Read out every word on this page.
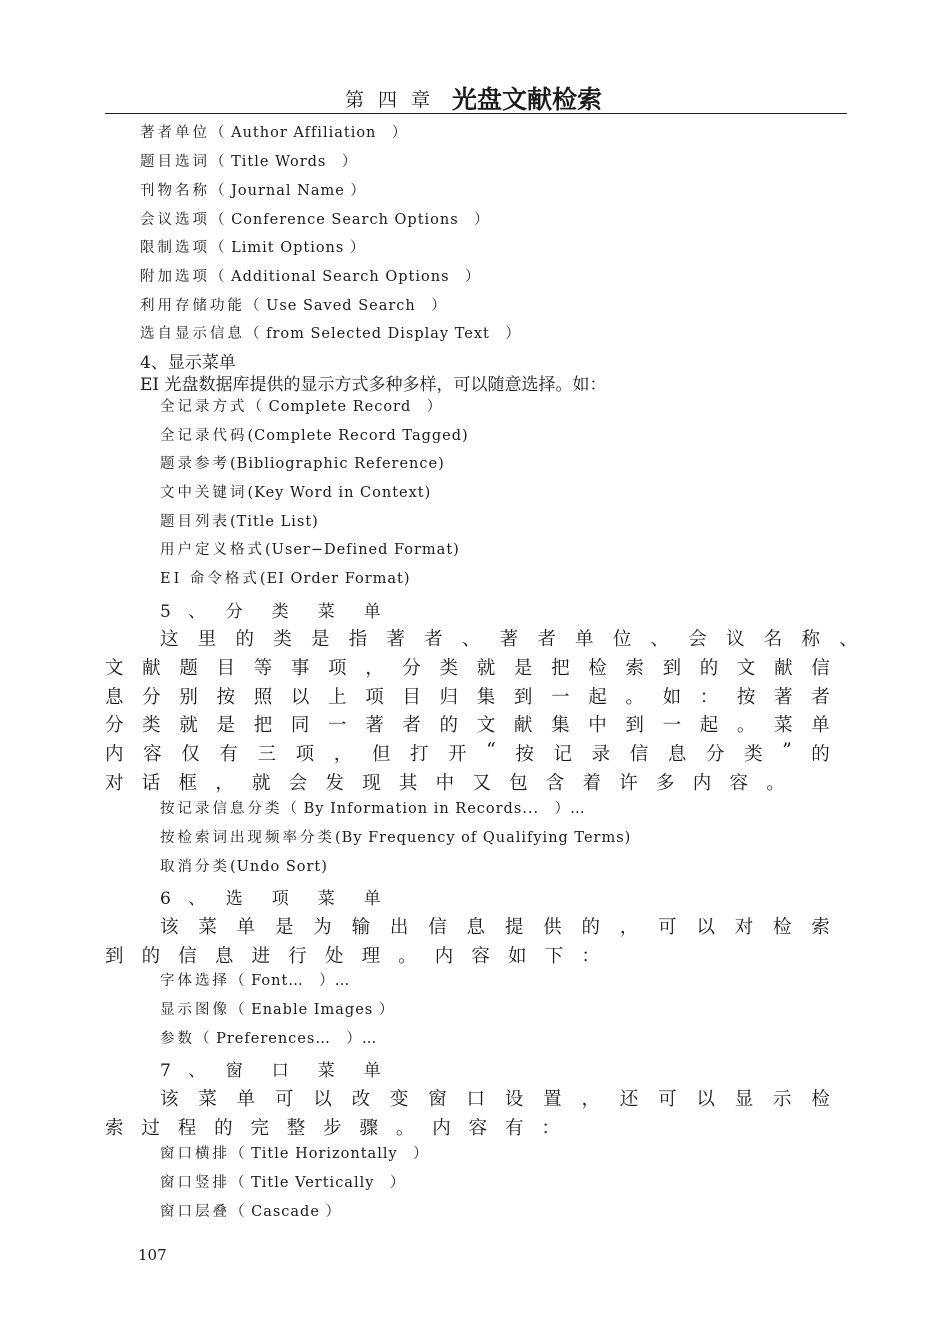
第 四 章 光盘文献检索
著者单位（ Author Affiliation　）
题目选词（ Title Words　）
刊物名称（ Journal Name ）
会议选项（ Conference Search Options　）
限制选项（ Limit Options ）
附加选项（ Additional Search Options　）
利用存储功能（ Use Saved Search　）
选自显示信息（ from Selected Display Text　）
4、显示菜单
EI 光盘数据库提供的显示方式多种多样，可以随意选择。如：
全记录方式（ Complete Record　）
全记录代码(Complete Record Tagged)
题录参考(Bibliographic Reference)
文中关键词(Key Word in Context)
题目列表(Title List)
用户定义格式(User−Defined Format)
EI 命令格式(EI Order Format)
5 、　分　类　菜　单
这 里 的 类 是 指 著 者 、 著 者 单 位 、 会 议 名 称 、
文 献 题 目 等 事 项 ， 分 类 就 是 把 检 索 到 的 文 献 信
息 分 别 按 照 以 上 项 目 归 集 到 一 起 。 如 ： 按 著 者
分 类 就 是 把 同 一 著 者 的 文 献 集 中 到 一 起 。 菜 单
内 容 仅 有 三 项 ， 但 打 开 “ 按 记 录 信 息 分 类 ” 的
对 话 框 ， 就 会 发 现 其 中 又 包 含 着 许 多 内 容 。
按记录信息分类（ By Information in Records...　）…
按检索词出现频率分类(By Frequency of Qualifying Terms)
取消分类(Undo Sort)
6 、　选　项　菜　单
该 菜 单 是 为 输 出 信 息 提 供 的 ， 可 以 对 检 索
到 的 信 息 进 行 处 理 。 内 容 如 下 ：
字体选择（ Font…　）…
显示图像（ Enable Images ）
参数（ Preferences…　）…
7 、　窗　口　菜　单
该 菜 单 可 以 改 变 窗 口 设 置 ， 还 可 以 显 示 检
索 过 程 的 完 整 步 骤 。 内 容 有 ：
窗口横排（ Title Horizontally　）
窗口竖排（ Title Vertically　）
窗口层叠（ Cascade ）
107
